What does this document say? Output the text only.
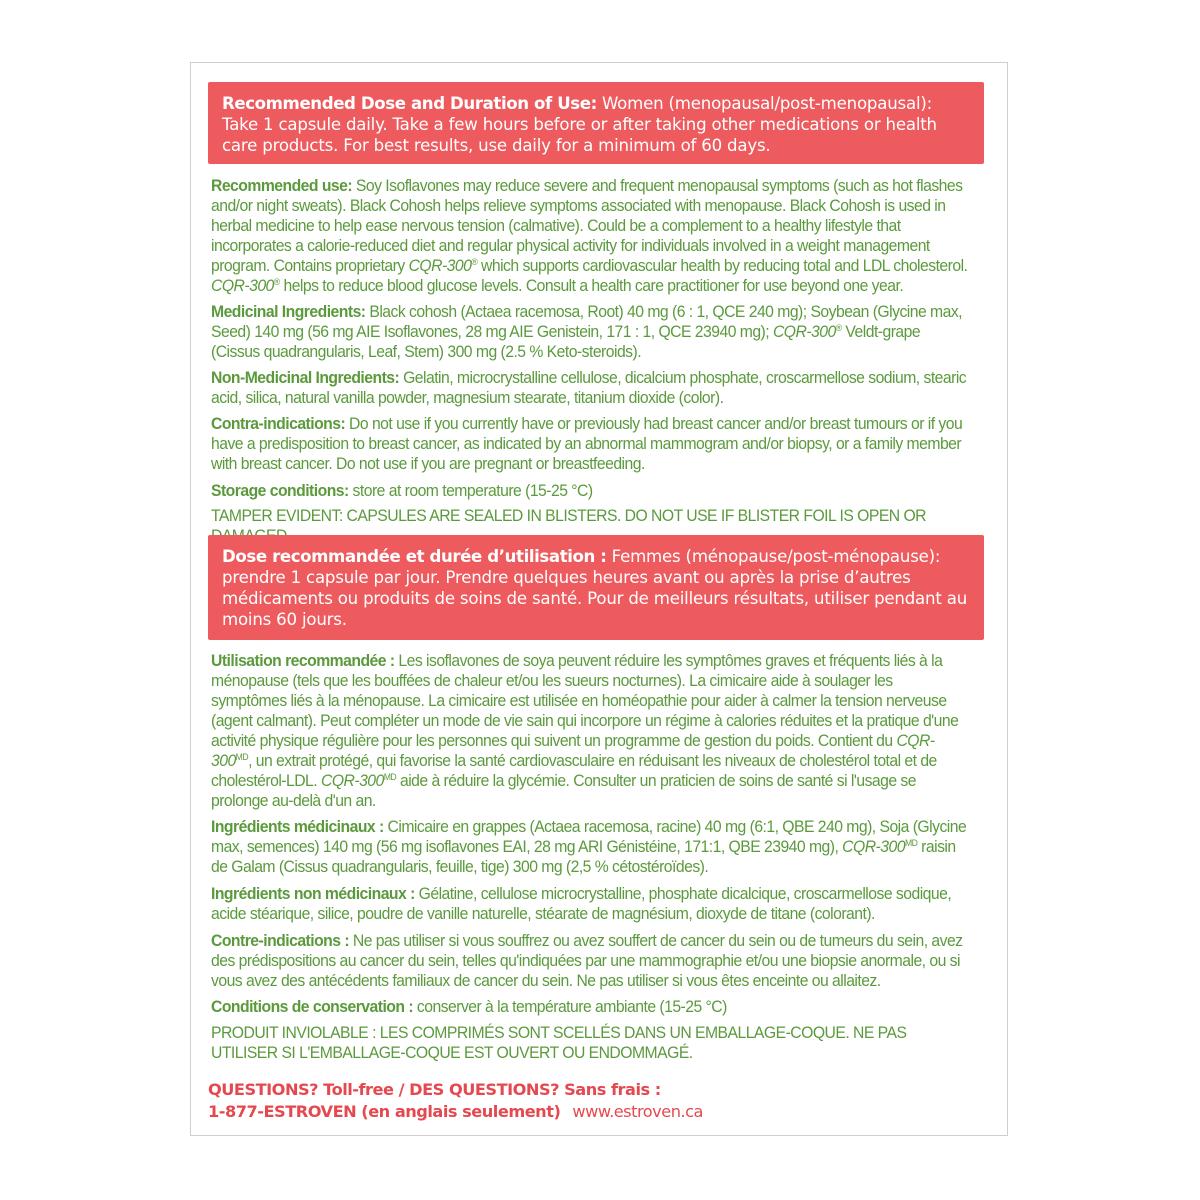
Recommended Dose and Duration of Use: Women (menopausal/post-menopausal): Take 1 capsule daily. Take a few hours before or after taking other medications or health care products. For best results, use daily for a minimum of 60 days.

Recommended use: Soy Isoflavones may reduce severe and frequent menopausal symptoms (such as hot flashes and/or night sweats). Black Cohosh helps relieve symptoms associated with menopause. Black Cohosh is used in herbal medicine to help ease nervous tension (calmative). Could be a complement to a healthy lifestyle that incorporates a calorie-reduced diet and regular physical activity for individuals involved in a weight management program. Contains proprietary CQR-300® which supports cardiovascular health by reducing total and LDL cholesterol. CQR-300® helps to reduce blood glucose levels. Consult a health care practitioner for use beyond one year.

Medicinal Ingredients: Black cohosh (Actaea racemosa, Root) 40 mg (6 : 1, QCE 240 mg); Soybean (Glycine max, Seed) 140 mg (56 mg AIE Isoflavones, 28 mg AIE Genistein, 171 : 1, QCE 23940 mg); CQR-300® Veldt-grape (Cissus quadrangularis, Leaf, Stem) 300 mg (2.5 % Keto-steroids).

Non-Medicinal Ingredients: Gelatin, microcrystalline cellulose, dicalcium phosphate, croscarmellose sodium, stearic acid, silica, natural vanilla powder, magnesium stearate, titanium dioxide (color).

Contra-indications: Do not use if you currently have or previously had breast cancer and/or breast tumours or if you have a predisposition to breast cancer, as indicated by an abnormal mammogram and/or biopsy, or a family member with breast cancer. Do not use if you are pregnant or breastfeeding.

Storage conditions: store at room temperature (15-25 °C)

TAMPER EVIDENT: CAPSULES ARE SEALED IN BLISTERS. DO NOT USE IF BLISTER FOIL IS OPEN OR
Dose recommandée et durée d’utilisation : Femmes (ménopause/post-ménopause): prendre 1 capsule par jour. Prendre quelques heures avant ou après la prise d’autres médicaments ou produits de soins de santé. Pour de meilleurs résultats, utiliser pendant au moins 60 jours.

Utilisation recommandée : Les isoflavones de soya peuvent réduire les symptômes graves et fréquents liés à la ménopause (tels que les bouffées de chaleur et/ou les sueurs nocturnes). La cimicaire aide à soulager les symptômes liés à la ménopause. La cimicaire est utilisée en homéopathie pour aider à calmer la tension nerveuse (agent calmant). Peut compléter un mode de vie sain qui incorpore un régime à calories réduites et la pratique d'une activité physique régulière pour les personnes qui suivent un programme de gestion du poids. Contient du CQR-$300^{MD}$, un extrait protégé, qui favorise la santé cardiovasculaire en réduisant les niveaux de cholestérol total et de cholestérol-LDL. CQR-$300^{MD}$ aide à réduire la glycémie. Consulter un praticien de soins de santé si l'usage se prolonge au-delà d'un an.

Ingrédients médicinaux : Cimicaire en grappes (Actaea racemosa, racine) 40 mg (6:1, QBE 240 mg), Soja (Glycine max, semences) 140 mg (56 mg isoflavones EAI, 28 mg ARI Génistéine, 171:1, QBE 23940 mg), CQR-$300^{MD}$ raisin de Galam (Cissus quadrangularis, feuille, tige) 300 mg (2,5 % cétostéroïdes).

Ingrédients non médicinaux : Gélatine, cellulose microcrystalline, phosphate dicalcique, croscarmellose sodique, acide stéarique, silice, poudre de vanille naturelle, stéarate de magnésium, dioxyde de titane (colorant).

Contre-indications : Ne pas utiliser si vous souffrez ou avez souffert de cancer du sein ou de tumeurs du sein, avez des prédispositions au cancer du sein, telles qu'indiquées par une mammographie et/ou une biopsie anormale, ou si vous avez des antécédents familiaux de cancer du sein. Ne pas utiliser si vous êtes enceinte ou allaitez.

Conditions de conservation : conserver à la température ambiante (15-25 °C)

PRODUIT INVIOLABLE : LES COMPRIMÉS SONT SCELLÉS DANS UN EMBALLAGE-COQUE. NE PAS UTILISER SI L'EMBALLAGE-COQUE EST OUVERT OU ENDOMMAGÉ.
QUESTIONS? Toll-free / DES QUESTIONS? Sans frais :
1-877-ESTROVEN (en anglais seulement) www.estroven.ca
